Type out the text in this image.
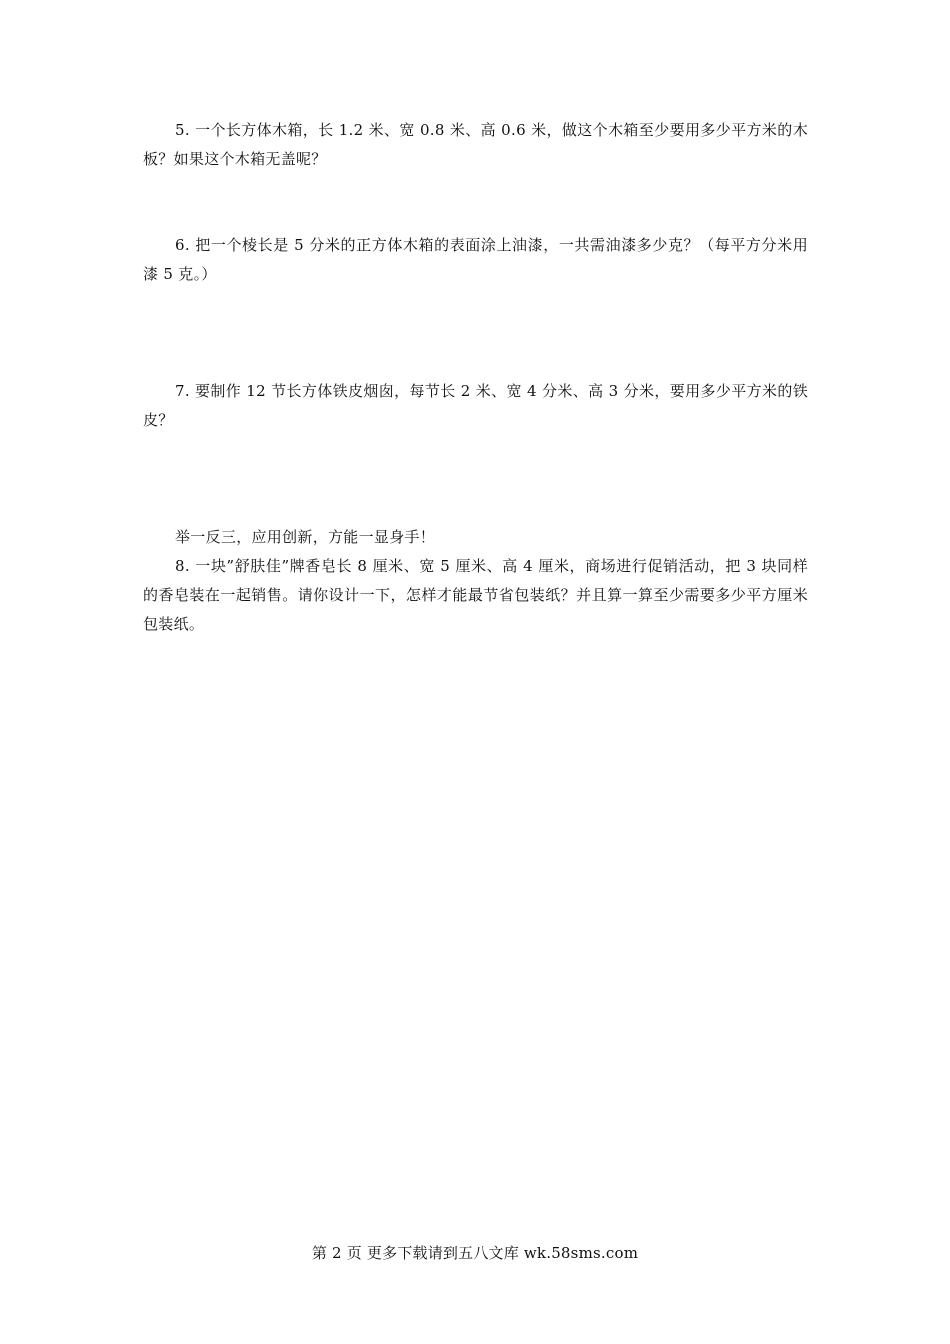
5. 一个长方体木箱，长 1.2 米、宽 0.8 米、高 0.6 米，做这个木箱至少要用多少平方米的木板？如果这个木箱无盖呢？

6. 把一个棱长是 5 分米的正方体木箱的表面涂上油漆，一共需油漆多少克？（每平方分米用漆 5 克。）

7. 要制作 12 节长方体铁皮烟囱，每节长 2 米、宽 4 分米、高 3 分米，要用多少平方米的铁皮？

举一反三，应用创新，方能一显身手！

8. 一块”舒肤佳”牌香皂长 8 厘米、宽 5 厘米、高 4 厘米，商场进行促销活动，把 3 块同样的香皂装在一起销售。请你设计一下，怎样才能最节省包装纸？并且算一算至少需要多少平方厘米包装纸。

第 2 页 更多下载请到五八文库 wk.58sms.com
